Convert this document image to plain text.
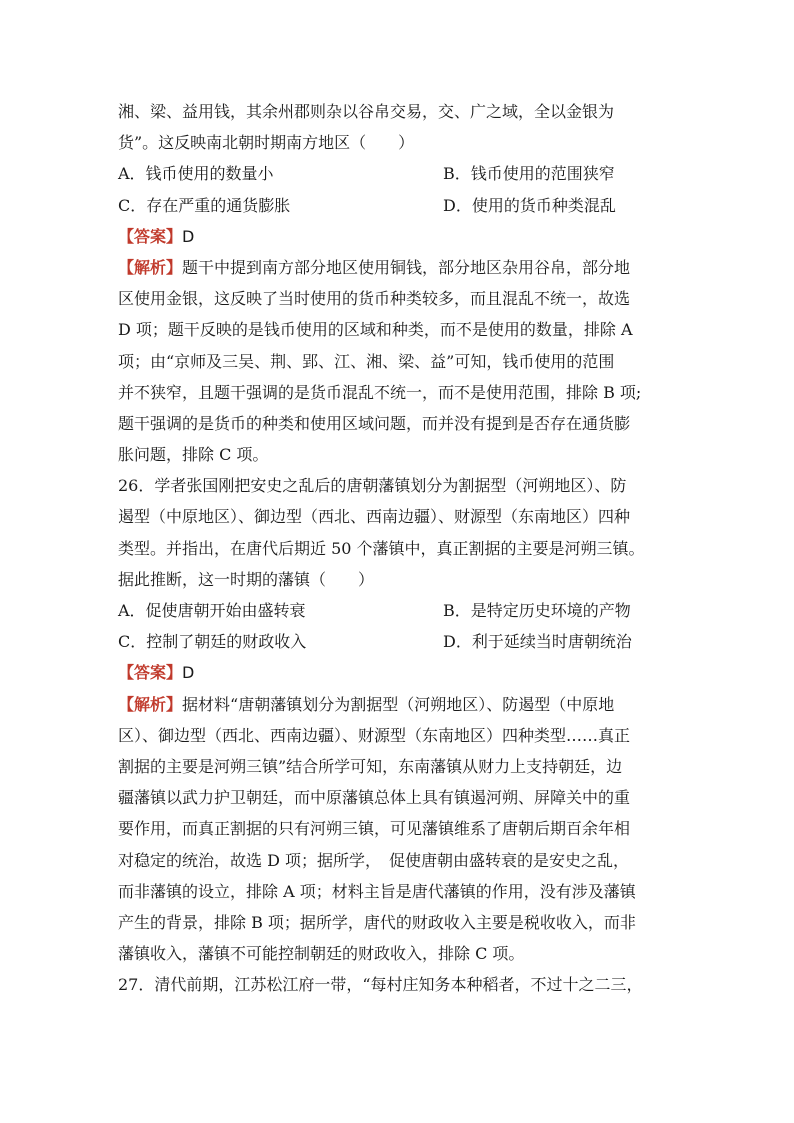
湘、梁、益用钱，其余州郡则杂以谷帛交易，交、广之域，全以金银为
货”。这反映南北朝时期南方地区（　　）
A．钱币使用的数量小	B．钱币使用的范围狭窄
C．存在严重的通货膨胀	D．使用的货币种类混乱
【答案】D
【解析】题干中提到南方部分地区使用铜钱，部分地区杂用谷帛，部分地
区使用金银，这反映了当时使用的货币种类较多，而且混乱不统一，故选
D 项；题干反映的是钱币使用的区域和种类，而不是使用的数量，排除 A
项；由“京师及三吴、荆、郢、江、湘、梁、益”可知，钱币使用的范围
并不狭窄，且题干强调的是货币混乱不统一，而不是使用范围，排除 B 项;
题干强调的是货币的种类和使用区域问题，而并没有提到是否存在通货膨
胀问题，排除 C 项。
26．学者张国刚把安史之乱后的唐朝藩镇划分为割据型（河朔地区）、防
遏型（中原地区）、御边型（西北、西南边疆）、财源型（东南地区）四种
类型。并指出，在唐代后期近 50 个藩镇中，真正割据的主要是河朔三镇。
据此推断，这一时期的藩镇（　　）
A．促使唐朝开始由盛转衰	B．是特定历史环境的产物
C．控制了朝廷的财政收入	D．利于延续当时唐朝统治
【答案】D
【解析】据材料“唐朝藩镇划分为割据型（河朔地区）、防遏型（中原地
区）、御边型（西北、西南边疆）、财源型（东南地区）四种类型……真正
割据的主要是河朔三镇”结合所学可知，东南藩镇从财力上支持朝廷，边
疆藩镇以武力护卫朝廷，而中原藩镇总体上具有镇遏河朔、屏障关中的重
要作用，而真正割据的只有河朔三镇，可见藩镇维系了唐朝后期百余年相
对稳定的统治，故选 D 项；据所学，　促使唐朝由盛转衰的是安史之乱，
而非藩镇的设立，排除 A 项；材料主旨是唐代藩镇的作用，没有涉及藩镇
产生的背景，排除 B 项；据所学，唐代的财政收入主要是税收收入，而非
藩镇收入，藩镇不可能控制朝廷的财政收入，排除 C 项。
27．清代前期，江苏松江府一带，“每村庄知务本种稻者，不过十之二三，
